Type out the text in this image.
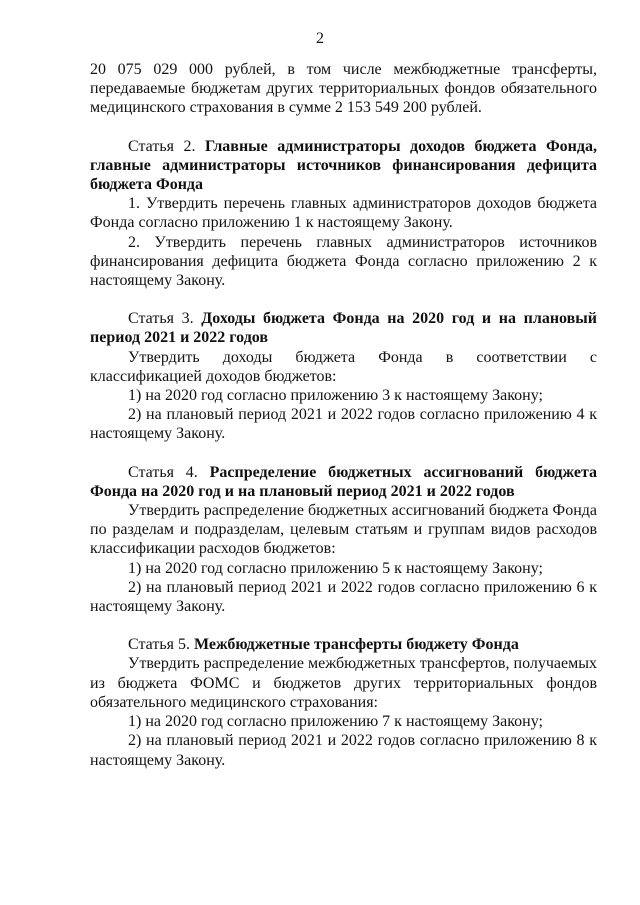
2

20 075 029 000 рублей, в том числе межбюджетные трансферты, передаваемые бюджетам других территориальных фондов обязательного медицинского страхования в сумме 2 153 549 200 рублей.

Статья 2. Главные администраторы доходов бюджета Фонда, главные администраторы источников финансирования дефицита бюджета Фонда

1. Утвердить перечень главных администраторов доходов бюджета Фонда согласно приложению 1 к настоящему Закону.

2. Утвердить перечень главных администраторов источников финансирования дефицита бюджета Фонда согласно приложению 2 к настоящему Закону.

Статья 3. Доходы бюджета Фонда на 2020 год и на плановый период 2021 и 2022 годов

Утвердить доходы бюджета Фонда в соответствии с классификацией доходов бюджетов:

1) на 2020 год согласно приложению 3 к настоящему Закону;

2) на плановый период 2021 и 2022 годов согласно приложению 4 к настоящему Закону.

Статья 4. Распределение бюджетных ассигнований бюджета Фонда на 2020 год и на плановый период 2021 и 2022 годов

Утвердить распределение бюджетных ассигнований бюджета Фонда по разделам и подразделам, целевым статьям и группам видов расходов классификации расходов бюджетов:

1) на 2020 год согласно приложению 5 к настоящему Закону;

2) на плановый период 2021 и 2022 годов согласно приложению 6 к настоящему Закону.

Статья 5. Межбюджетные трансферты бюджету Фонда

Утвердить распределение межбюджетных трансфертов, получаемых из бюджета ФОМС и бюджетов других территориальных фондов обязательного медицинского страхования:

1) на 2020 год согласно приложению 7 к настоящему Закону;

2) на плановый период 2021 и 2022 годов согласно приложению 8 к настоящему Закону.
